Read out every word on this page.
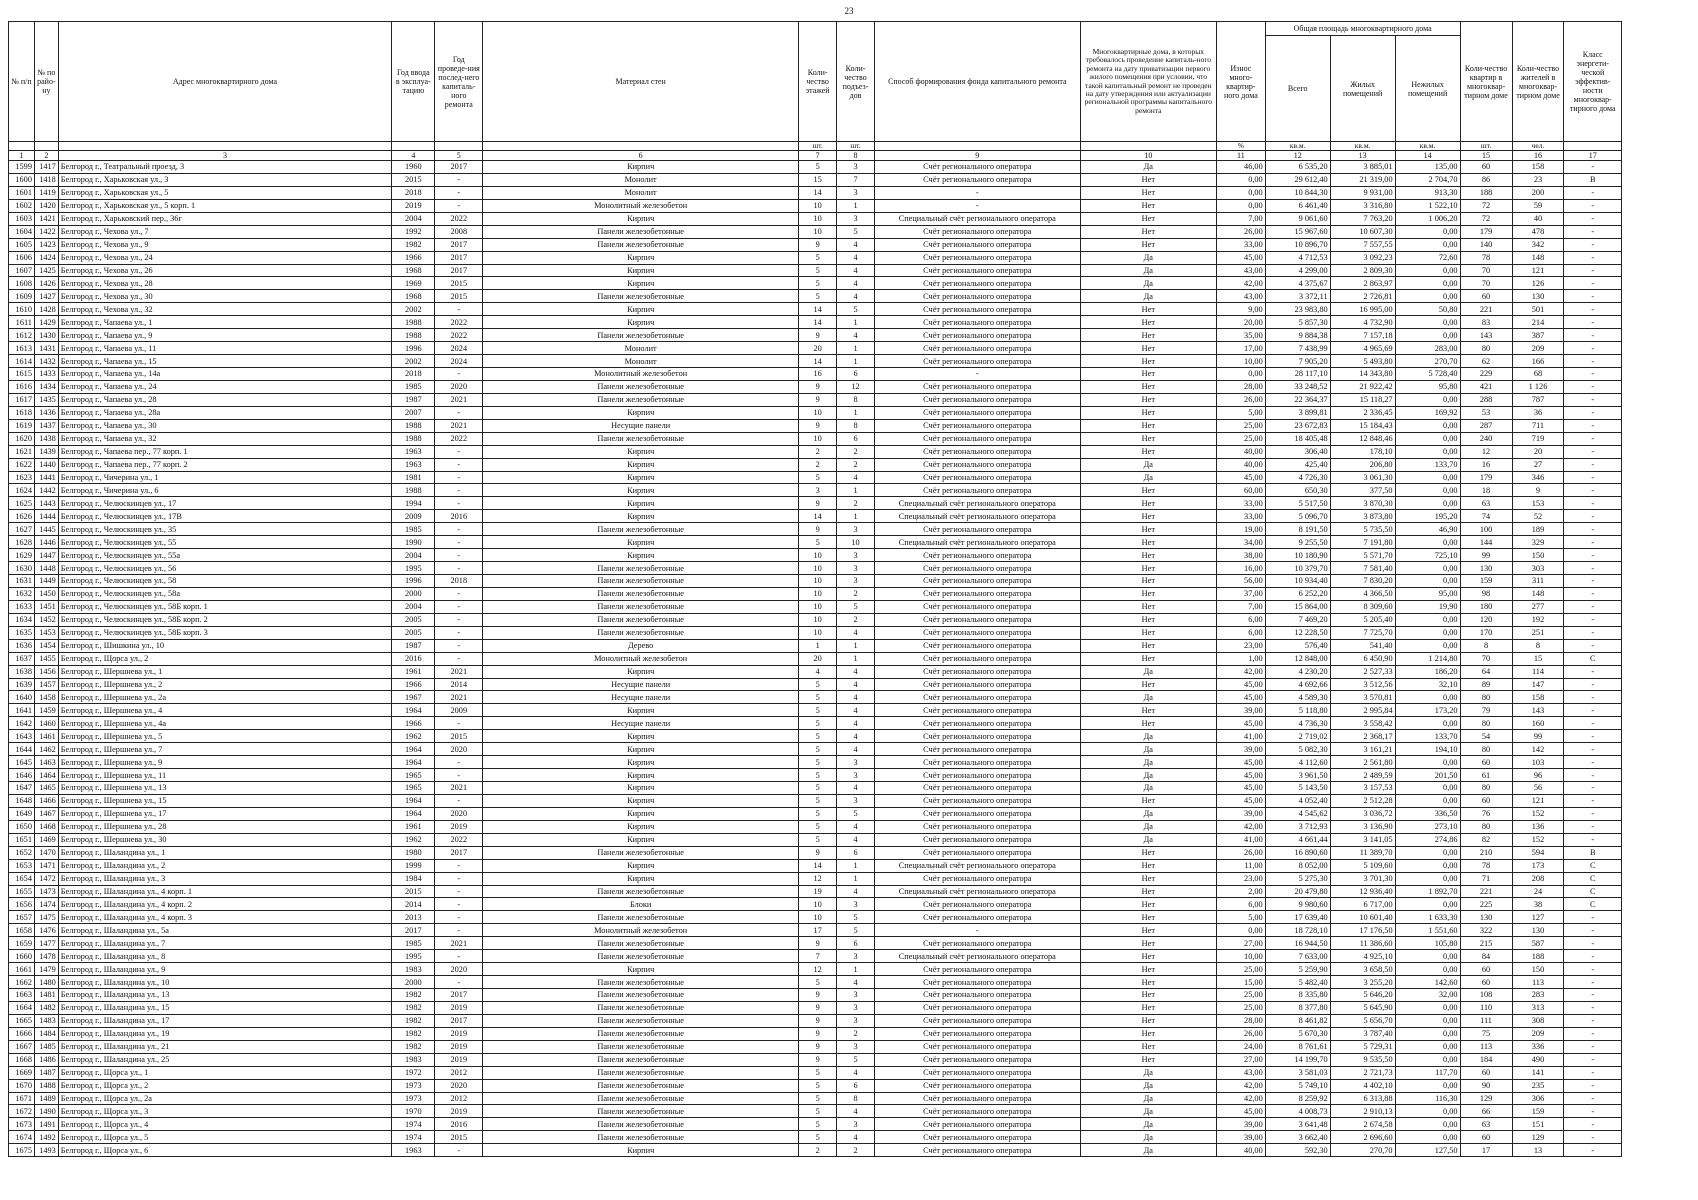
23
№ п/п	№ по райо-ну	Адрес многоквартирного дома	Год ввода в эксплуа-тацию	Год проведе-ния послед-него капиталь-ного ремонта	Материал стен	Коли-чество этажей	Коли-чество подъез-дов	Способ формирования фонда капитального ремонта	Многоквартирные дома, в которых требовалось проведение капиталь-ного ремонта на дату приватизации первого жилого помещения при условии, что такой капитальный ремонт не проведен на дату утверждения или актуализации региональной программы капитального ремонта	Износ много-квартир-ного дома	Общая площадь многоквартирного дома			Коли-чество квартир в многоквар-тирном доме	Коли-чество жителей в многоквар-тирном доме	Класс энергети-ческой эффектив-ности многоквар-тирного дома
											Всего	Жилых помещений	Нежилых помещений			
						шт.	шт.			%	кв.м.	кв.м.	кв.м.	шт.	чел.	
1	2	3	4	5	6	7	8	9	10	11	12	13	14	15	16	17
1599	1417	Белгород г., Театральный проезд, 3	1960	2017	Кирпич	5	3	Счёт регионального оператора	Да	46,00	6 535,20	3 885,01	135,00	60	158	-
1600	1418	Белгород г., Харьковская ул., 3	2015	-	Монолит	15	7	Счёт регионального оператора	Нет	0,00	29 612,40	21 319,00	2 704,70	86	23	B
1601	1419	Белгород г., Харьковская ул., 5	2018	-	Монолит	14	3	-	Нет	0,00	10 844,30	9 931,00	913,30	188	200	-
1602	1420	Белгород г., Харьковская ул., 5 корп. 1	2019	-	Монолитный железобетон	10	1	-	Нет	0,00	6 461,40	3 316,80	1 522,10	72	59	-
1603	1421	Белгород г., Харьковский пер., 36г	2004	2022	Кирпич	10	3	Специальный счёт регионального оператора	Нет	7,00	9 061,60	7 763,20	1 006,20	72	40	-
1604	1422	Белгород г., Чехова ул., 7	1992	2008	Панели железобетонные	10	5	Счёт регионального оператора	Нет	26,00	15 967,60	10 607,30	0,00	179	478	-
1605	1423	Белгород г., Чехова ул., 9	1982	2017	Панели железобетонные	9	4	Счёт регионального оператора	Нет	33,00	10 896,70	7 557,55	0,00	140	342	-
1606	1424	Белгород г., Чехова ул., 24	1966	2017	Кирпич	5	4	Счёт регионального оператора	Да	45,00	4 712,53	3 092,23	72,60	78	148	-
1607	1425	Белгород г., Чехова ул., 26	1968	2017	Кирпич	5	4	Счёт регионального оператора	Да	43,00	4 299,00	2 809,30	0,00	70	121	-
1608	1426	Белгород г., Чехова ул., 28	1969	2015	Кирпич	5	4	Счёт регионального оператора	Да	42,00	4 375,67	2 863,97	0,00	70	126	-
1609	1427	Белгород г., Чехова ул., 30	1968	2015	Панели железобетонные	5	4	Счёт регионального оператора	Да	43,00	3 372,11	2 726,81	0,00	60	130	-
1610	1428	Белгород г., Чехова ул., 32	2002	-	Кирпич	14	5	Счёт регионального оператора	Нет	9,00	23 983,80	16 995,00	50,80	221	501	-
1611	1429	Белгород г., Чапаева ул., 1	1988	2022	Кирпич	14	1	Счёт регионального оператора	Нет	20,00	5 857,30	4 732,90	0,00	83	214	-
1612	1430	Белгород г., Чапаева ул., 9	1988	2022	Панели железобетонные	9	4	Счёт регионального оператора	Нет	35,00	9 884,38	7 157,18	0,00	143	387	-
1613	1431	Белгород г., Чапаева ул., 11	1996	2024	Монолит	20	1	Счёт регионального оператора	Нет	17,00	7 438,99	4 965,69	283,00	80	209	-
1614	1432	Белгород г., Чапаева ул., 15	2002	2024	Монолит	14	1	Счёт регионального оператора	Нет	10,00	7 905,20	5 493,80	270,70	62	166	-
1615	1433	Белгород г., Чапаева ул., 14а	2018	-	Монолитный железобетон	16	6	-	Нет	0,00	28 117,10	14 343,80	5 728,40	229	68	-
1616	1434	Белгород г., Чапаева ул., 24	1985	2020	Панели железобетонные	9	12	Счёт регионального оператора	Нет	28,00	33 248,52	21 922,42	95,80	421	1 126	-
1617	1435	Белгород г., Чапаева ул., 28	1987	2021	Панели железобетонные	9	8	Счёт регионального оператора	Нет	26,00	22 364,37	15 118,27	0,00	288	787	-
1618	1436	Белгород г., Чапаева ул., 28а	2007	-	Кирпич	10	1	Счёт регионального оператора	Нет	5,00	3 899,81	2 336,45	169,92	53	36	-
1619	1437	Белгород г., Чапаева ул., 30	1988	2021	Несущие панели	9	8	Счёт регионального оператора	Нет	25,00	23 672,83	15 184,43	0,00	287	711	-
1620	1438	Белгород г., Чапаева ул., 32	1988	2022	Панели железобетонные	10	6	Счёт регионального оператора	Нет	25,00	18 405,48	12 848,46	0,00	240	719	-
1621	1439	Белгород г., Чапаева пер., 77 корп. 1	1963	-	Кирпич	2	2	Счёт регионального оператора	Нет	40,00	306,40	178,10	0,00	12	20	-
1622	1440	Белгород г., Чапаева пер., 77 корп. 2	1963	-	Кирпич	2	2	Счёт регионального оператора	Да	40,00	425,40	206,80	133,70	16	27	-
1623	1441	Белгород г., Чичерина ул., 1	1981	-	Кирпич	5	4	Счёт регионального оператора	Да	45,00	4 726,30	3 061,30	0,00	179	346	-
1624	1442	Белгород г., Чичерина ул., 6	1988	-	Кирпич	3	1	Счёт регионального оператора	Нет	60,00	650,30	377,50	0,00	18	9	-
1625	1443	Белгород г., Челюскинцев ул., 17	1994	-	Кирпич	9	2	Специальный счёт регионального оператора	Нет	33,00	5 517,50	3 870,30	0,00	63	153	-
1626	1444	Белгород г., Челюскинцев ул., 17В	2009	2016	Кирпич	14	1	Специальный счёт регионального оператора	Нет	33,00	5 096,70	3 873,80	195,20	74	52	-
1627	1445	Белгород г., Челюскинцев ул., 35	1985	-	Панели железобетонные	9	3	Счёт регионального оператора	Нет	19,00	8 191,50	5 735,50	46,90	100	189	-
1628	1446	Белгород г., Челюскинцев ул., 55	1990	-	Кирпич	5	10	Специальный счёт регионального оператора	Нет	34,00	9 255,50	7 191,80	0,00	144	329	-
1629	1447	Белгород г., Челюскинцев ул., 55а	2004	-	Кирпич	10	3	Счёт регионального оператора	Нет	38,00	10 180,90	5 571,70	725,10	99	150	-
1630	1448	Белгород г., Челюскинцев ул., 56	1995	-	Панели железобетонные	10	3	Счёт регионального оператора	Нет	16,00	10 379,70	7 581,40	0,00	130	303	-
1631	1449	Белгород г., Челюскинцев ул., 58	1996	2018	Панели железобетонные	10	3	Счёт регионального оператора	Нет	56,00	10 934,40	7 830,20	0,00	159	311	-
1632	1450	Белгород г., Челюскинцев ул., 58а	2000	-	Панели железобетонные	10	2	Счёт регионального оператора	Нет	37,00	6 252,20	4 366,50	95,00	98	148	-
1633	1451	Белгород г., Челюскинцев ул., 58Б корп. 1	2004	-	Панели железобетонные	10	5	Счёт регионального оператора	Нет	7,00	15 864,00	8 309,60	19,90	180	277	-
1634	1452	Белгород г., Челюскинцев ул., 58Б корп. 2	2005	-	Панели железобетонные	10	2	Счёт регионального оператора	Нет	6,00	7 469,20	5 205,40	0,00	120	192	-
1635	1453	Белгород г., Челюскинцев ул., 58Б корп. 3	2005	-	Панели железобетонные	10	4	Счёт регионального оператора	Нет	6,00	12 228,50	7 725,70	0,00	170	251	-
1636	1454	Белгород г., Шишкина ул., 10	1987	-	Дерево	1	1	Счёт регионального оператора	Нет	23,00	576,40	541,40	0,00	8	8	-
1637	1455	Белгород г., Щорса ул., 2	2016	-	Монолитный железобетон	20	1	Счёт регионального оператора	Нет	1,00	12 848,00	6 450,90	1 214,80	70	15	C
1638	1456	Белгород г., Шершнева ул., 1	1961	2021	Кирпич	4	4	Счёт регионального оператора	Да	42,00	4 230,20	2 527,33	186,20	64	114	-
1639	1457	Белгород г., Шершнева ул., 2	1966	2014	Несущие панели	5	4	Счёт регионального оператора	Нет	45,00	4 692,66	3 512,56	32,10	89	147	-
1640	1458	Белгород г., Шершнева ул., 2а	1967	2021	Несущие панели	5	4	Счёт регионального оператора	Да	45,00	4 589,30	3 570,81	0,00	80	158	-
1641	1459	Белгород г., Шершнева ул., 4	1964	2009	Кирпич	5	4	Счёт регионального оператора	Нет	39,00	5 118,80	2 995,84	173,20	79	143	-
1642	1460	Белгород г., Шершнева ул., 4а	1966	-	Несущие панели	5	4	Счёт регионального оператора	Нет	45,00	4 736,30	3 558,42	0,00	80	160	-
1643	1461	Белгород г., Шершнева ул., 5	1962	2015	Кирпич	5	4	Счёт регионального оператора	Да	41,00	2 719,02	2 368,17	133,70	54	99	-
1644	1462	Белгород г., Шершнева ул., 7	1964	2020	Кирпич	5	4	Счёт регионального оператора	Да	39,00	5 082,30	3 161,21	194,10	80	142	-
1645	1463	Белгород г., Шершнева ул., 9	1964	-	Кирпич	5	3	Счёт регионального оператора	Да	45,00	4 112,60	2 561,80	0,00	60	103	-
1646	1464	Белгород г., Шершнева ул., 11	1965	-	Кирпич	5	3	Счёт регионального оператора	Да	45,00	3 961,50	2 489,59	201,50	61	96	-
1647	1465	Белгород г., Шершнева ул., 13	1965	2021	Кирпич	5	4	Счёт регионального оператора	Да	45,00	5 143,50	3 157,53	0,00	80	56	-
1648	1466	Белгород г., Шершнева ул., 15	1964	-	Кирпич	5	3	Счёт регионального оператора	Нет	45,00	4 052,40	2 512,28	0,00	60	121	-
1649	1467	Белгород г., Шершнева ул., 17	1964	2020	Кирпич	5	5	Счёт регионального оператора	Да	39,00	4 545,62	3 036,72	336,50	76	152	-
1650	1468	Белгород г., Шершнева ул., 28	1961	2019	Кирпич	5	4	Счёт регионального оператора	Да	42,00	3 712,93	3 136,90	273,10	80	136	-
1651	1469	Белгород г., Шершнева ул., 30	1962	2022	Кирпич	5	4	Счёт регионального оператора	Да	41,00	4 661,44	3 141,05	274,86	82	152	-
1652	1470	Белгород г., Шаландина ул., 1	1980	2017	Панели железобетонные	9	6	Счёт регионального оператора	Нет	26,00	16 890,60	11 389,70	0,00	210	594	B
1653	1471	Белгород г., Шаландина ул., 2	1999	-	Кирпич	14	1	Специальный счёт регионального оператора	Нет	11,00	8 052,00	5 109,60	0,00	78	173	C
1654	1472	Белгород г., Шаландина ул., 3	1984	-	Кирпич	12	1	Счёт регионального оператора	Нет	23,00	5 275,30	3 701,30	0,00	71	208	C
1655	1473	Белгород г., Шаландина ул., 4 корп. 1	2015	-	Панели железобетонные	19	4	Специальный счёт регионального оператора	Нет	2,00	20 479,80	12 936,40	1 892,70	221	24	C
1656	1474	Белгород г., Шаландина ул., 4 корп. 2	2014	-	Блоки	10	3	Счёт регионального оператора	Нет	6,00	9 980,60	6 717,00	0,00	225	38	C
1657	1475	Белгород г., Шаландина ул., 4 корп. 3	2013	-	Панели железобетонные	10	5	Счёт регионального оператора	Нет	5,00	17 639,40	10 601,40	1 633,30	130	127	-
1658	1476	Белгород г., Шаландина ул., 5а	2017	-	Монолитный железобетон	17	5	-	Нет	0,00	18 728,10	17 176,50	1 551,60	322	130	-
1659	1477	Белгород г., Шаландина ул., 7	1985	2021	Панели железобетонные	9	6	Счёт регионального оператора	Нет	27,00	16 944,50	11 386,60	105,80	215	587	-
1660	1478	Белгород г., Шаландина ул., 8	1995	-	Панели железобетонные	7	3	Специальный счёт регионального оператора	Нет	10,00	7 633,00	4 925,10	0,00	84	188	-
1661	1479	Белгород г., Шаландина ул., 9	1983	2020	Кирпич	12	1	Счёт регионального оператора	Нет	25,00	5 259,90	3 658,50	0,00	60	150	-
1662	1480	Белгород г., Шаландина ул., 10	2000	-	Панели железобетонные	5	4	Счёт регионального оператора	Нет	15,00	5 482,40	3 255,20	142,60	60	113	-
1663	1481	Белгород г., Шаландина ул., 13	1982	2017	Панели железобетонные	9	3	Счёт регионального оператора	Нет	25,00	8 335,80	5 646,20	32,00	108	283	-
1664	1482	Белгород г., Шаландина ул., 15	1982	2019	Панели железобетонные	9	3	Счёт регионального оператора	Нет	25,00	8 377,80	5 645,90	0,00	110	313	-
1665	1483	Белгород г., Шаландина ул., 17	1982	2017	Панели железобетонные	9	3	Счёт регионального оператора	Нет	28,00	8 461,82	5 656,70	0,00	111	308	-
1666	1484	Белгород г., Шаландина ул., 19	1982	2019	Панели железобетонные	9	2	Счёт регионального оператора	Нет	26,00	5 670,30	3 787,40	0,00	75	209	-
1667	1485	Белгород г., Шаландина ул., 21	1982	2019	Панели железобетонные	9	3	Счёт регионального оператора	Нет	24,00	8 761,61	5 729,31	0,00	113	336	-
1668	1486	Белгород г., Шаландина ул., 25	1983	2019	Панели железобетонные	9	5	Счёт регионального оператора	Нет	27,00	14 199,70	9 535,50	0,00	184	490	-
1669	1487	Белгород г., Щорса ул., 1	1972	2012	Панели железобетонные	5	4	Счёт регионального оператора	Да	43,00	3 581,03	2 721,73	117,70	60	141	-
1670	1488	Белгород г., Щорса ул., 2	1973	2020	Панели железобетонные	5	6	Счёт регионального оператора	Да	42,00	5 749,10	4 402,10	0,00	90	235	-
1671	1489	Белгород г., Щорса ул., 2а	1973	2012	Панели железобетонные	5	8	Счёт регионального оператора	Да	42,00	8 259,92	6 313,88	116,30	129	306	-
1672	1490	Белгород г., Щорса ул., 3	1970	2019	Панели железобетонные	5	4	Счёт регионального оператора	Да	45,00	4 008,73	2 910,13	0,00	66	159	-
1673	1491	Белгород г., Щорса ул., 4	1974	2016	Панели железобетонные	5	3	Счёт регионального оператора	Да	39,00	3 641,48	2 674,58	0,00	63	151	-
1674	1492	Белгород г., Щорса ул., 5	1974	2015	Панели железобетонные	5	4	Счёт регионального оператора	Да	39,00	3 662,40	2 696,60	0,00	60	129	-
1675	1493	Белгород г., Щорса ул., 6	1963	-	Кирпич	2	2	Счёт регионального оператора	Да	40,00	592,30	270,70	127,50	17	13	-
